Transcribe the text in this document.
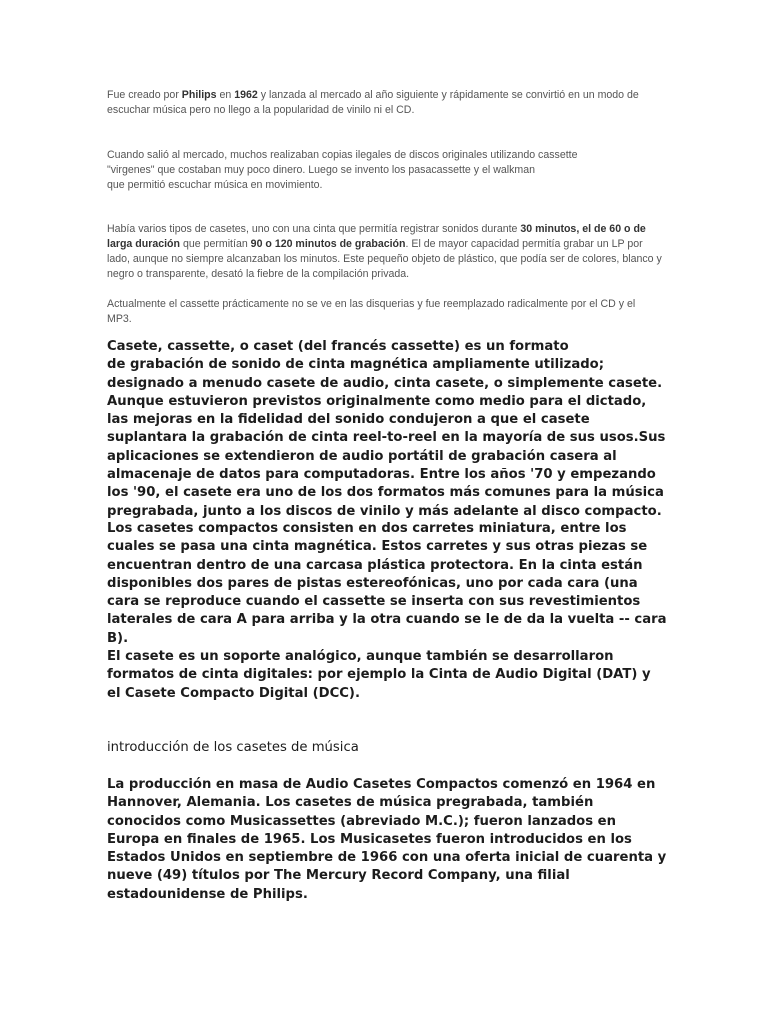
Fue creado por Philips en 1962 y lanzada al mercado al año siguiente y rápidamente se convirtió en un modo de escuchar música pero no llego a la popularidad de vinilo ni el CD.

Cuando salió al mercado, muchos realizaban copias ilegales de discos originales utilizando cassette
"virgenes" que costaban muy poco dinero. Luego se invento los pasacassette y el walkman
que permitió escuchar música en movimiento.

Había varios tipos de casetes, uno con una cinta que permitía registrar sonidos durante 30 minutos, el de 60 o de larga duración que permitían 90 o 120 minutos de grabación. El de mayor capacidad permitía grabar un LP por lado, aunque no siempre alcanzaban los minutos. Este pequeño objeto de plástico, que podía ser de colores, blanco y negro o transparente, desató la fiebre de la compilación privada.

Actualmente el cassette prácticamente no se ve en las disquerias y fue reemplazado radicalmente por el CD y el MP3.

Casete, cassette, o caset (del francés cassette) es un formato
de grabación de sonido de cinta magnética ampliamente utilizado; designado a menudo casete de audio, cinta casete, o simplemente casete. Aunque estuvieron previstos originalmente como medio para el dictado, las mejoras en la fidelidad del sonido condujeron a que el casete suplantara la grabación de cinta reel-to-reel en la mayoría de sus usos.Sus aplicaciones se extendieron de audio portátil de grabación casera al almacenaje de datos para computadoras. Entre los años '70 y empezando los '90, el casete era uno de los dos formatos más comunes para la música pregrabada, junto a los discos de vinilo y más adelante al disco compacto.

Los casetes compactos consisten en dos carretes miniatura, entre los cuales se pasa una cinta magnética. Estos carretes y sus otras piezas se encuentran dentro de una carcasa plástica protectora. En la cinta están disponibles dos pares de pistas estereofónicas, uno por cada cara (una cara se reproduce cuando el cassette se inserta con sus revestimientos laterales de cara A para arriba y la otra cuando se le de da la vuelta -- cara B).
El casete es un soporte analógico, aunque también se desarrollaron formatos de cinta digitales: por ejemplo la Cinta de Audio Digital (DAT) y el Casete Compacto Digital (DCC).

introducción de los casetes de música

La producción en masa de Audio Casetes Compactos comenzó en 1964 en Hannover, Alemania. Los casetes de música pregrabada, también conocidos como Musicassettes (abreviado M.C.); fueron lanzados en Europa en finales de 1965. Los Musicasetes fueron introducidos en los Estados Unidos en septiembre de 1966 con una oferta inicial de cuarenta y nueve (49) títulos por The Mercury Record Company, una filial estadounidense de Philips.
